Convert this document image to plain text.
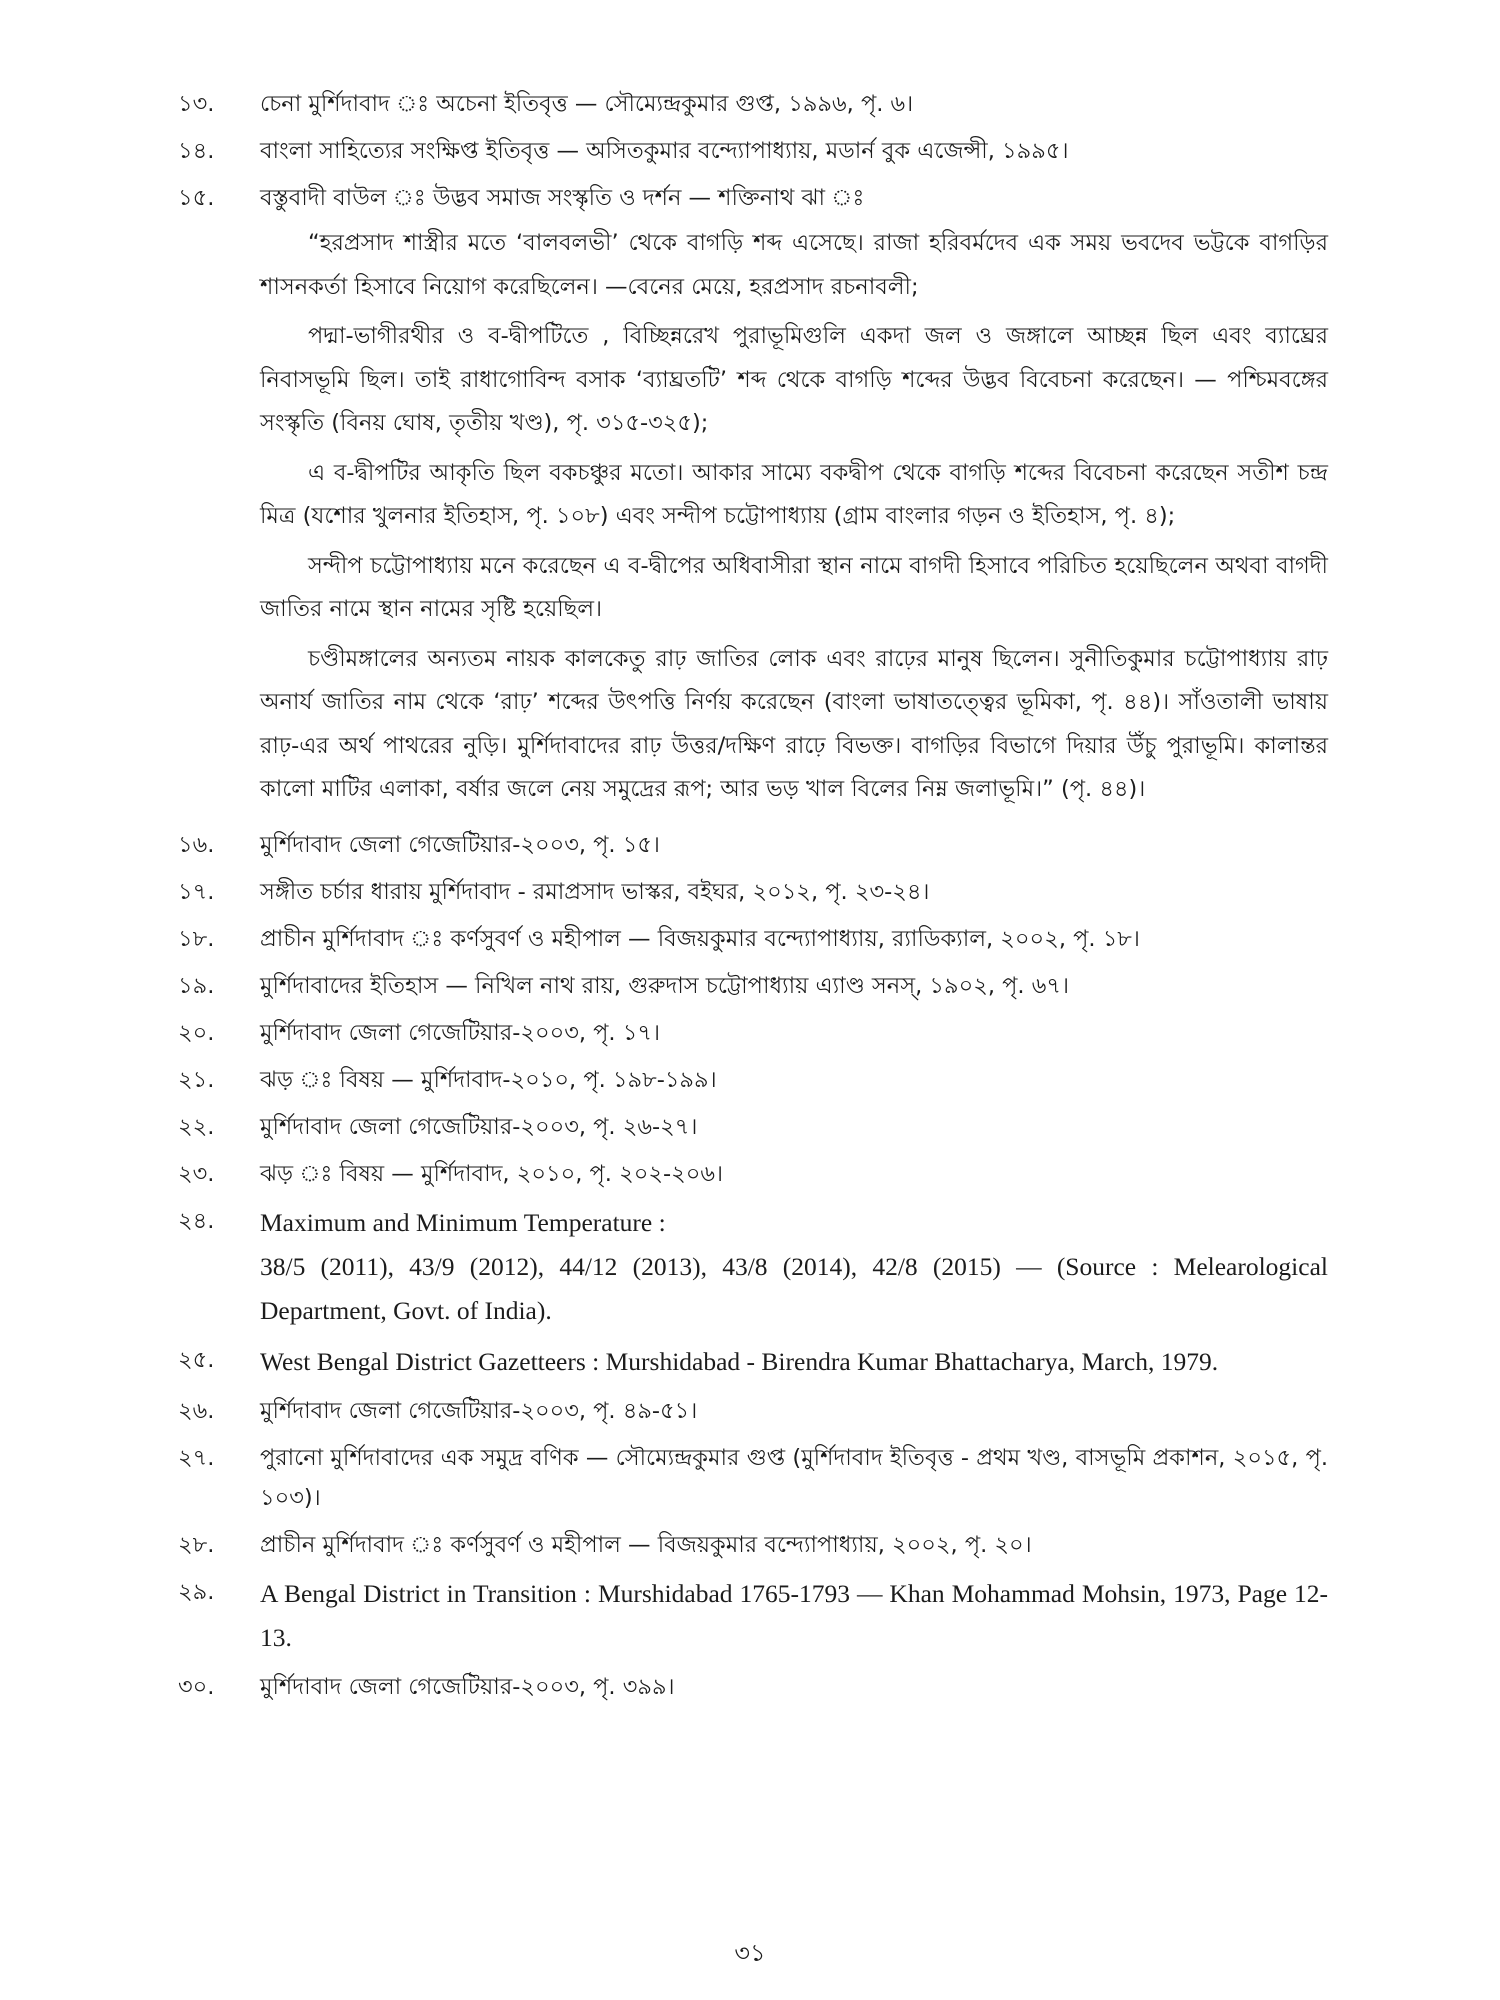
১৩.	চেনা মুর্শিদাবাদ ঃ অচেনা ইতিবৃত্ত — সৌম্যেন্দ্রকুমার গুপ্ত, ১৯৯৬, পৃ. ৬।
১৪.	বাংলা সাহিত্যের সংক্ষিপ্ত ইতিবৃত্ত — অসিতকুমার বন্দ্যোপাধ্যায়, মডার্ন বুক এজেন্সী, ১৯৯৫।
১৫.	বস্তুবাদী বাউল ঃ উদ্ভব সমাজ সংস্কৃতি ও দর্শন — শক্তিনাথ ঝা ঃ

“হরপ্রসাদ শাস্ত্রীর মতে ‘বালবলভী’ থেকে বাগড়ি শব্দ এসেছে। রাজা হরিবর্মদেব এক সময় ভবদেব ভট্টকে বাগড়ির শাসনকর্তা হিসাবে নিয়োগ করেছিলেন। —বেনের মেয়ে, হরপ্রসাদ রচনাবলী;

পদ্মা-ভাগীরথীর ও ব-দ্বীপটিতে , বিচ্ছিন্নরেখ পুরাভূমিগুলি একদা জল ও জঙ্গালে আচ্ছন্ন ছিল এবং ব্যাঘ্রের নিবাসভূমি ছিল। তাই রাধাগোবিন্দ বসাক ‘ব্যাঘ্রতটি’ শব্দ থেকে বাগড়ি শব্দের উদ্ভব বিবেচনা করেছেন। — পশ্চিমবঙ্গের সংস্কৃতি (বিনয় ঘোষ, তৃতীয় খণ্ড), পৃ. ৩১৫-৩২৫);

এ ব-দ্বীপটির আকৃতি ছিল বকচঞ্চুর মতো। আকার সাম্যে বকদ্বীপ থেকে বাগড়ি শব্দের বিবেচনা করেছেন সতীশ চন্দ্র মিত্র (যশোর খুলনার ইতিহাস, পৃ. ১০৮) এবং সন্দীপ চট্টোপাধ্যায় (গ্রাম বাংলার গড়ন ও ইতিহাস, পৃ. ৪);

সন্দীপ চট্টোপাধ্যায় মনে করেছেন এ ব-দ্বীপের অধিবাসীরা স্থান নামে বাগদী হিসাবে পরিচিত হয়েছিলেন অথবা বাগদী জাতির নামে স্থান নামের সৃষ্টি হয়েছিল।

চণ্ডীমঙ্গালের অন্যতম নায়ক কালকেতু রাঢ় জাতির লোক এবং রাঢ়ের মানুষ ছিলেন। সুনীতিকুমার চট্টোপাধ্যায় রাঢ় অনার্য জাতির নাম থেকে ‘রাঢ়’ শব্দের উৎপত্তি নির্ণয় করেছেন (বাংলা ভাষাতত্ত্বের ভূমিকা, পৃ. ৪৪)। সাঁওতালী ভাষায় রাঢ়-এর অর্থ পাথরের নুড়ি। মুর্শিদাবাদের রাঢ় উত্তর/দক্ষিণ রাঢ়ে বিভক্ত। বাগড়ির বিভাগে দিয়ার উঁচু পুরাভূমি। কালান্তর কালো মাটির এলাকা, বর্ষার জলে নেয় সমুদ্রের রূপ; আর ভড় খাল বিলের নিম্ন জলাভূমি।” (পৃ. ৪৪)।

১৬.	মুর্শিদাবাদ জেলা গেজেটিয়ার-২০০৩, পৃ. ১৫।
১৭.	সঙ্গীত চর্চার ধারায় মুর্শিদাবাদ - রমাপ্রসাদ ভাস্কর, বইঘর, ২০১২, পৃ. ২৩-২৪।
১৮.	প্রাচীন মুর্শিদাবাদ ঃ কর্ণসুবর্ণ ও মহীপাল — বিজয়কুমার বন্দ্যোপাধ্যায়, র‍্যাডিক্যাল, ২০০২, পৃ. ১৮।
১৯.	মুর্শিদাবাদের ইতিহাস — নিখিল নাথ রায়, গুরুদাস চট্টোপাধ্যায় এ্যাণ্ড সনস্, ১৯০২, পৃ. ৬৭।
২০.	মুর্শিদাবাদ জেলা গেজেটিয়ার-২০০৩, পৃ. ১৭।
২১.	ঝড় ঃ বিষয় — মুর্শিদাবাদ-২০১০, পৃ. ১৯৮-১৯৯।
২২.	মুর্শিদাবাদ জেলা গেজেটিয়ার-২০০৩, পৃ. ২৬-২৭।
২৩.	ঝড় ঃ বিষয় — মুর্শিদাবাদ, ২০১০, পৃ. ২০২-২০৬।
২৪.	Maximum and Minimum Temperature :
38/5 (2011), 43/9 (2012), 44/12 (2013), 43/8 (2014), 42/8 (2015) — (Source : Melearological Department, Govt. of India).
২৫.	West Bengal District Gazetteers : Murshidabad - Birendra Kumar Bhattacharya, March, 1979.
২৬.	মুর্শিদাবাদ জেলা গেজেটিয়ার-২০০৩, পৃ. ৪৯-৫১।
২৭.	পুরানো মুর্শিদাবাদের এক সমুদ্র বণিক — সৌম্যেন্দ্রকুমার গুপ্ত (মুর্শিদাবাদ ইতিবৃত্ত - প্রথম খণ্ড, বাসভূমি প্রকাশন, ২০১৫, পৃ. ১০৩)।
২৮.	প্রাচীন মুর্শিদাবাদ ঃ কর্ণসুবর্ণ ও মহীপাল — বিজয়কুমার বন্দ্যোপাধ্যায়, ২০০২, পৃ. ২০।
২৯.	A Bengal District in Transition : Murshidabad 1765-1793 — Khan Mohammad Mohsin, 1973, Page 12-13.
৩০.	মুর্শিদাবাদ জেলা গেজেটিয়ার-২০০৩, পৃ. ৩৯৯।
৩১
